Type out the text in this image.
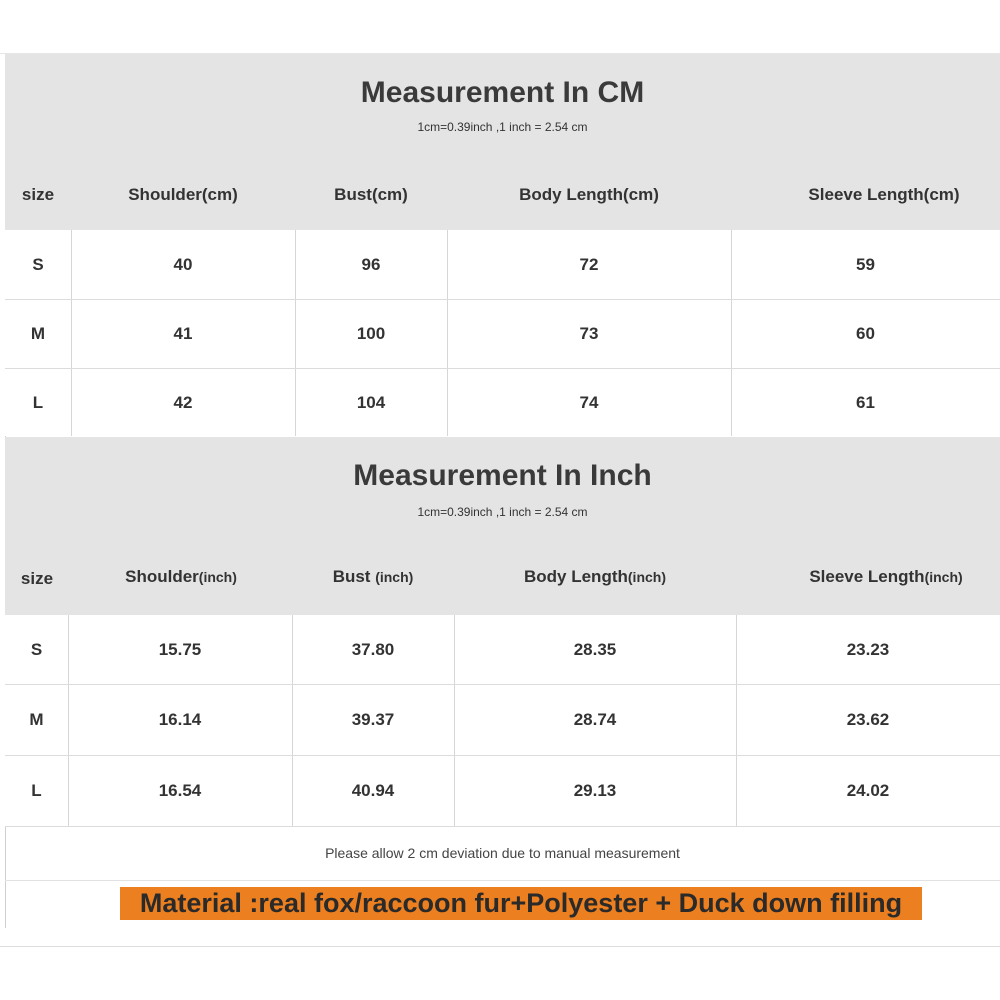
Measurement In CM
1cm=0.39inch ,1 inch = 2.54 cm
size	Shoulder(cm)	Bust(cm)	Body Length(cm)	Sleeve Length(cm)
S	40	96	72	59
M	41	100	73	60
L	42	104	74	61
Measurement In Inch
1cm=0.39inch ,1 inch = 2.54 cm
size	Shoulder(inch)	Bust (inch)	Body Length(inch)	Sleeve Length(inch)
S	15.75	37.80	28.35	23.23
M	16.14	39.37	28.74	23.62
L	16.54	40.94	29.13	24.02
Please allow 2 cm deviation due to manual measurement
Material :real fox/raccoon fur+Polyester + Duck down filling
